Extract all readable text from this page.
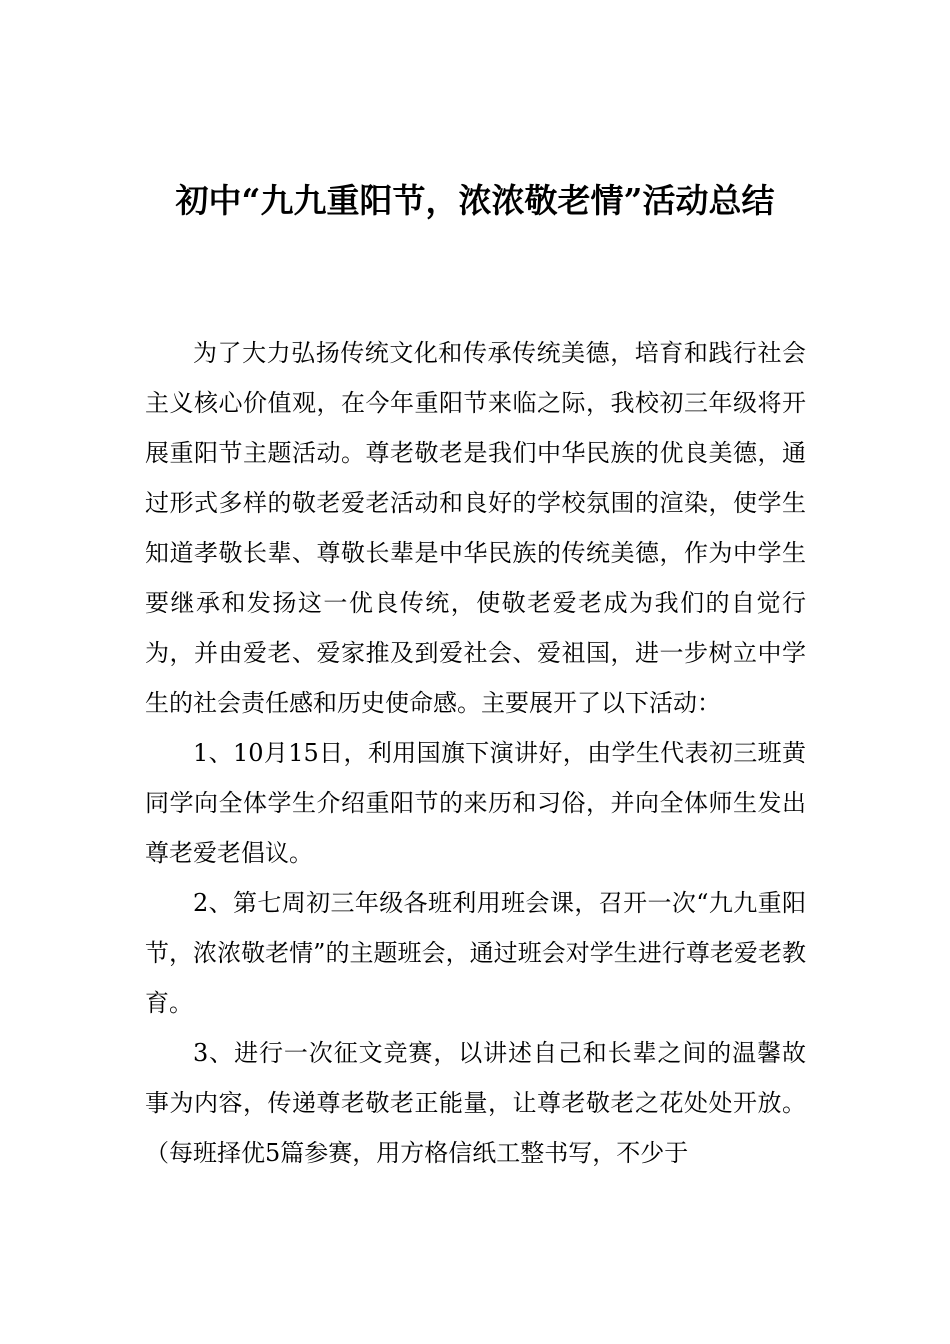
初中“九九重阳节，浓浓敬老情”活动总结

为了大力弘扬传统文化和传承传统美德，培育和践行社会主义核心价值观，在今年重阳节来临之际，我校初三年级将开展重阳节主题活动。尊老敬老是我们中华民族的优良美德，通过形式多样的敬老爱老活动和良好的学校氛围的渲染，使学生知道孝敬长辈、尊敬长辈是中华民族的传统美德，作为中学生要继承和发扬这一优良传统，使敬老爱老成为我们的自觉行为，并由爱老、爱家推及到爱社会、爱祖国，进一步树立中学生的社会责任感和历史使命感。主要展开了以下活动：

1、10月15日，利用国旗下演讲好，由学生代表初三班黄同学向全体学生介绍重阳节的来历和习俗，并向全体师生发出尊老爱老倡议。

2、第七周初三年级各班利用班会课，召开一次“九九重阳节，浓浓敬老情”的主题班会，通过班会对学生进行尊老爱老教育。

3、进行一次征文竞赛，以讲述自己和长辈之间的温馨故事为内容，传递尊老敬老正能量，让尊老敬老之花处处开放。（每班择优5篇参赛，用方格信纸工整书写，不少于
